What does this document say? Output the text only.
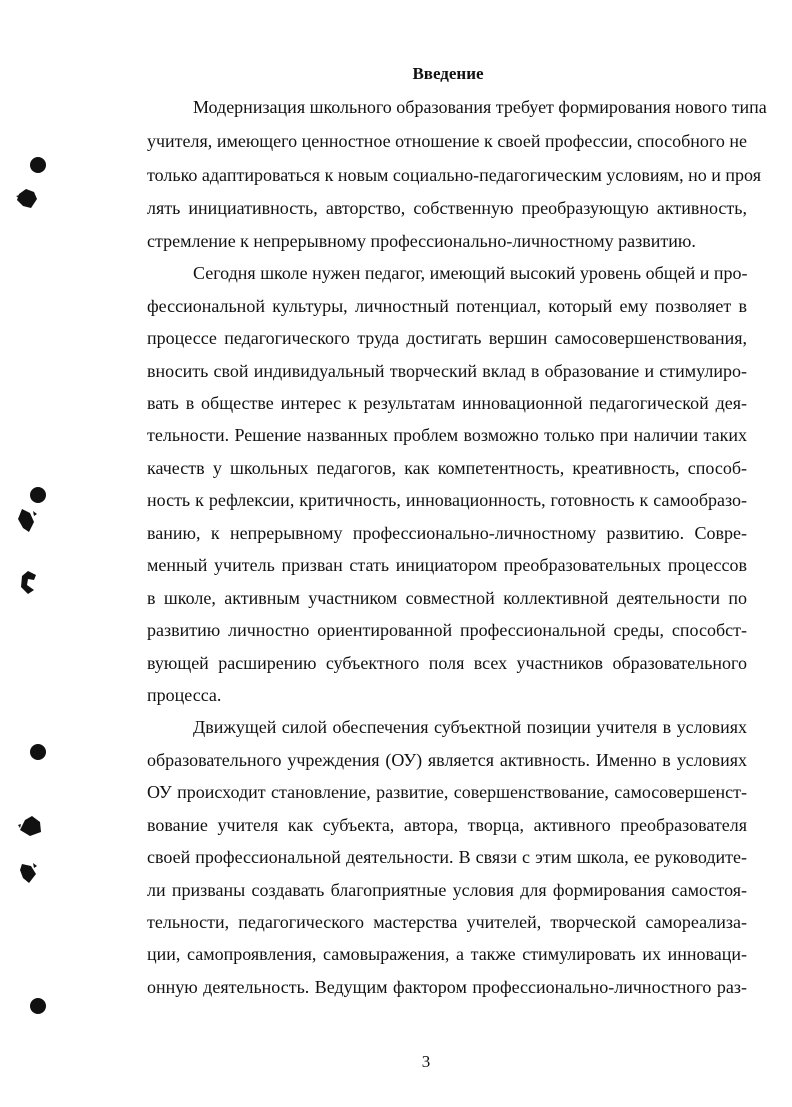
Введение
Модернизация школьного образования требует формирования нового типа
учителя, имеющего ценностное отношение к своей профессии, способного не
только адаптироваться к новым социально-педагогическим условиям, но и проя
лять инициативность, авторство, собственную преобразующую активность,
стремление к непрерывному профессионально-личностному развитию.
Сегодня школе нужен педагог, имеющий высокий уровень общей и про-
фессиональной культуры, личностный потенциал, который ему позволяет в
процессе педагогического труда достигать вершин самосовершенствования,
вносить свой индивидуальный творческий вклад в образование и стимулиро-
вать в обществе интерес к результатам инновационной педагогической дея-
тельности. Решение названных проблем возможно только при наличии таких
качеств у школьных педагогов, как компетентность, креативность, способ-
ность к рефлексии, критичность, инновационность, готовность к самообразо-
ванию, к непрерывному профессионально-личностному развитию. Совре-
менный учитель призван стать инициатором преобразовательных процессов
в школе, активным участником совместной коллективной деятельности по
развитию личностно ориентированной профессиональной среды, способст-
вующей расширению субъектного поля всех участников образовательного
процесса.
Движущей силой обеспечения субъектной позиции учителя в условиях
образовательного учреждения (ОУ) является активность. Именно в условиях
ОУ происходит становление, развитие, совершенствование, самосовершенст-
вование учителя как субъекта, автора, творца, активного преобразователя
своей профессиональной деятельности. В связи с этим школа, ее руководите-
ли призваны создавать благоприятные условия для формирования самостоя-
тельности, педагогического мастерства учителей, творческой самореализа-
ции, самопроявления, самовыражения, а также стимулировать их инноваци-
онную деятельность. Ведущим фактором профессионально-личностного раз-
3
